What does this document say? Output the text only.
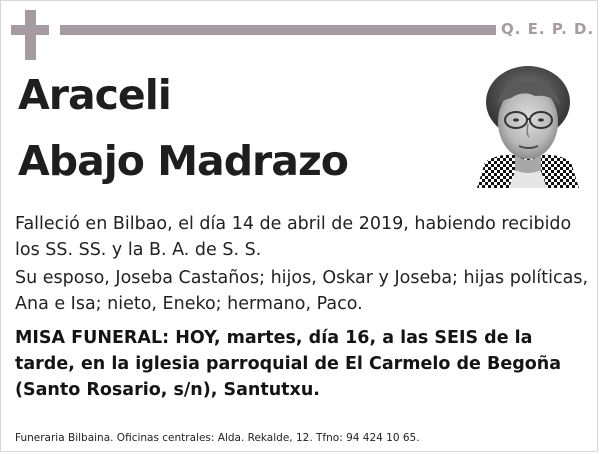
Q. E. P. D.
Araceli
Abajo Madrazo
Falleció en Bilbao, el día 14 de abril de 2019, habiendo recibido los SS. SS. y la B. A. de S. S.
Su esposo, Joseba Castaños; hijos, Oskar y Joseba; hijas políticas, Ana e Isa; nieto, Eneko; hermano, Paco.
MISA FUNERAL: HOY, martes, día 16, a las SEIS de la tarde, en la iglesia parroquial de El Carmelo de Begoña (Santo Rosario, s/n), Santutxu.
Funeraria Bilbaina. Oficinas centrales: Alda. Rekalde, 12. Tfno: 94 424 10 65.
